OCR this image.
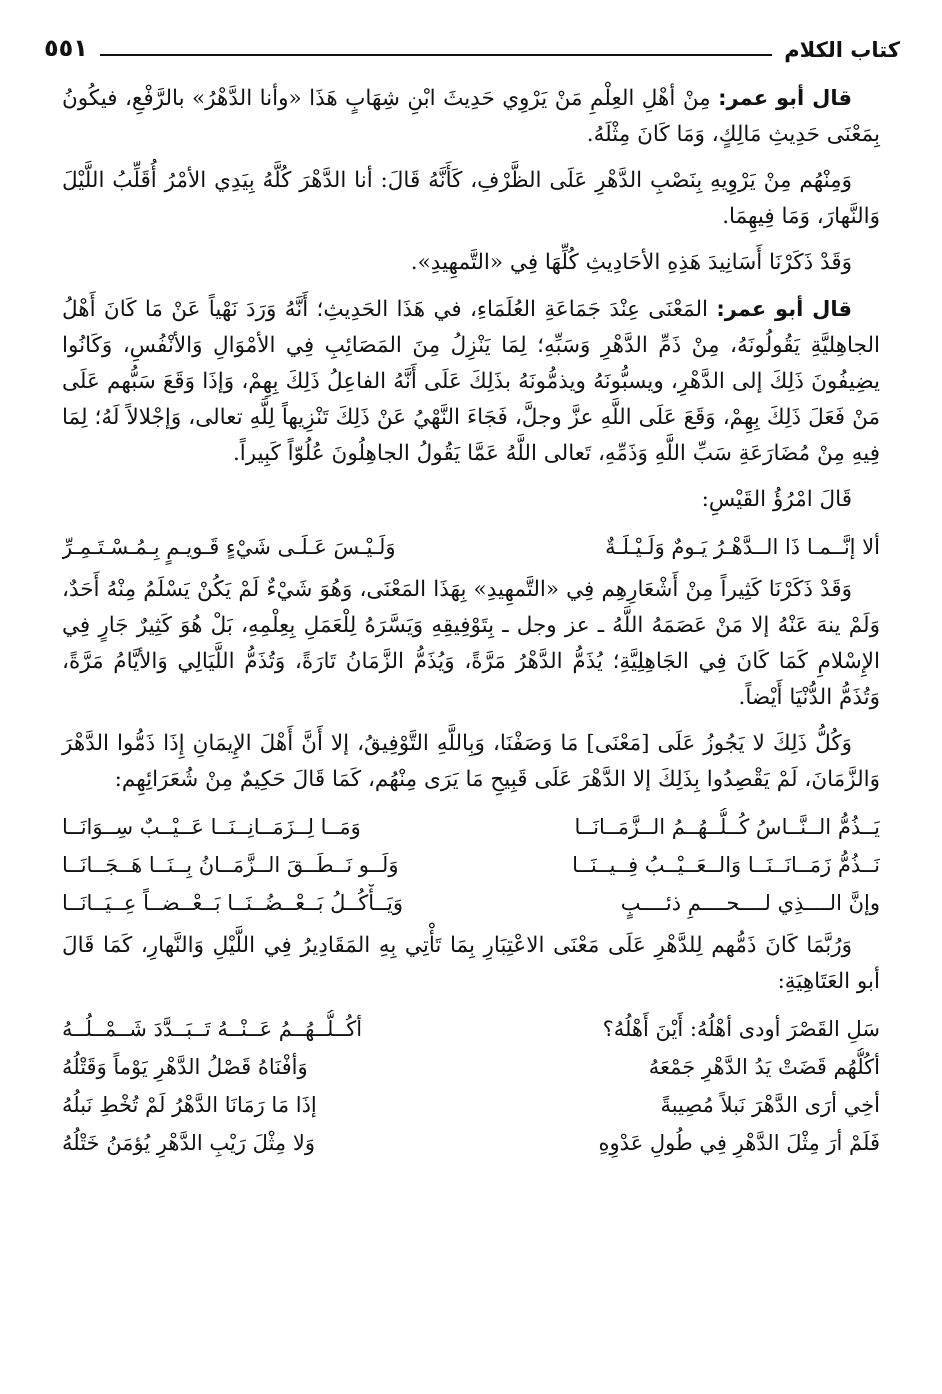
كتاب الكلام
٥٥١

قال أبو عمر: مِنْ أهْلِ العِلْمِ مَنْ يَرْوِي حَدِيثَ ابْنِ شِهَابٍ هَذَا «وأنا الدَّهْرُ» بالرَّفْعِ، فيكُونُ بِمَعْنَى حَدِيثِ مَالِكٍ، وَمَا كَانَ مِثْلَهُ.

وَمِنْهُم مِنْ يَرْوِيهِ بِنَصْبِ الدَّهْرِ عَلَى الظَّرْفِ، كَأَنَّهُ قَالَ: أنا الدَّهْرَ كُلَّهُ بِيَدِي الأمْرُ أُقَلِّبُ اللَّيْلَ وَالنَّهارَ، وَمَا فِيهِمَا.

وَقَدْ ذَكَرْنَا أَسَانِيدَ هَذِهِ الأحَادِيثِ كُلِّهَا فِي «التَّمهِيدِ».

قال أبو عمر: المَعْنَى عِنْدَ جَمَاعَةِ العُلَمَاءِ، في هَذَا الحَدِيثِ؛ أَنَّهُ وَرَدَ نَهْياً عَنْ مَا كَانَ أَهْلُ الجاهِليَّةِ يَقُولُونَهُ، مِنْ ذَمِّ الدَّهْرِ وَسَبِّهِ؛ لِمَا يَنْزِلُ مِنَ المَصَائِبِ فِي الأمْوَالِ وَالأنْفُسِ، وَكَانُوا يضِيفُونَ ذَلِكَ إلى الدَّهْرِ، ويسبُّونَهُ ويذمُّونَهُ بذَلِكَ عَلَى أَنَّهُ الفاعِلُ ذَلِكَ بِهِمْ، وَإذَا وَقَعَ سَبُّهم عَلَى مَنْ فَعَلَ ذَلِكَ بِهِمْ، وَقَعَ عَلَى اللَّهِ عزَّ وجلَّ، فَجَاءَ النَّهْيُ عَنْ ذَلِكَ تَنْزِيهاً لِلَّهِ تعالى، وَإجْلالاً لَهُ؛ لِمَا فِيهِ مِنْ مُضَارَعَةِ سَبِّ اللَّهِ وَذَمِّهِ، تَعالى اللَّهُ عَمَّا يَقُولُ الجاهِلُونَ عُلُوّاً كَبِيراً.

قَالَ امْرُؤُ القَيْسِ:

ألا إنَّــمـا ذَا الــدَّهْـرُ يَـومٌ وَلَـيْـلَـةٌ
وَلَـيْـسَ عَـلَـى شَيْءٍ قَـويـمٍ بِـمُـسْـتَـمِـرِّ

وَقَدْ ذَكَرْنَا كَثِيراً مِنْ أَشْعَارِهِم فِي «التَّمهِيدِ» بِهَذَا المَعْنَى، وَهُوَ شَيْءٌ لَمْ يَكُنْ يَسْلَمُ مِنْهُ أَحَدٌ، وَلَمْ ينهَ عَنْهُ إلا مَنْ عَصَمَهُ اللَّهُ ـ عز وجل ـ بِتَوْفِيقِهِ وَيَسَّرَهُ لِلْعَمَلِ بِعِلْمِهِ، بَلْ هُوَ كَثِيرٌ جَارٍ فِي الإِسْلامِ كَمَا كَانَ فِي الجَاهِلِيَّةِ؛ يُذَمُّ الدَّهْرُ مَرَّةً، وَيُذَمُّ الزَّمَانُ تَارَةً، وَتُذَمُّ اللَّيَالِي وَالأيَّامُ مَرَّةً، وَتُذَمُّ الدُّنْيَا أَيْضاً.

وَكُلُّ ذَلِكَ لا يَجُوزُ عَلَى [مَعْنَى] مَا وَصَفْنَا، وَبِاللَّهِ التَّوْفِيقُ، إلا أَنَّ أَهْلَ الإِيمَانِ إِذَا ذَمُّوا الدَّهْرَ وَالزَّمَانَ، لَمْ يَقْصِدُوا بِذَلِكَ إلا الدَّهْرَ عَلَى قَبِيحِ مَا يَرَى مِنْهُم، كَمَا قَالَ حَكِيمٌ مِنْ شُعَرَائِهِم:

يَــذُمُّ الــنَّــاسُ كُــلُّــهُــمُ الــزَّمَــانَــا
وَمَــا لِــزَمَــانِــنَــا عَــيْــبٌ سِــوَانَــا
نَــذُمُّ زَمَــانَــنَــا وَالــعَــيْــبُ فِــيــنَــا
وَلَــو نَــطَــقَ الــزَّمَــانُ بِــنَــا هَــجَــانَــا
وإنَّ الــــذِي لــــحــــمِ ذئــــبٍ
وَيَــأْكُــلُ بَــعْــضُــنَــا بَــعْــضــاً عِــيَــانَــا

وَرُبَّمَا كَانَ ذَمُّهم لِلدَّهْرِ عَلَى مَعْنَى الاعْتِبَارِ بِمَا تَأْتِي بِهِ المَقَادِيرُ فِي اللَّيْلِ وَالنَّهارِ، كَمَا قَالَ أبو العَتَاهِيَةِ:

سَلِ القَصْرَ أودى أهْلُهُ: أَيْنَ أَهْلُهُ؟
أكُــلُّــهُــمُ عَــنْــهُ تَــبَــدَّدَ شَــمْــلُــهُ
أكُلُّهُم قَضَتْ يَدُ الدَّهْرِ جَمْعَهُ
وَأفْنَاهُ قَصْلُ الدَّهْرِ يَوْماً وَقَتْلُهُ
أخِي أرَى الدَّهْرَ نَبلاً مُصِيبةً
إذَا مَا رَمَانَا الدَّهْرُ لَمْ تُخْطِ نَبلُهُ
فَلَمْ أرَ مِثْلَ الدَّهْرِ فِي طُولِ عَدْوِهِ
وَلا مِثْلَ رَيْبِ الدَّهْرِ يُؤمَنُ خَتْلُهُ
